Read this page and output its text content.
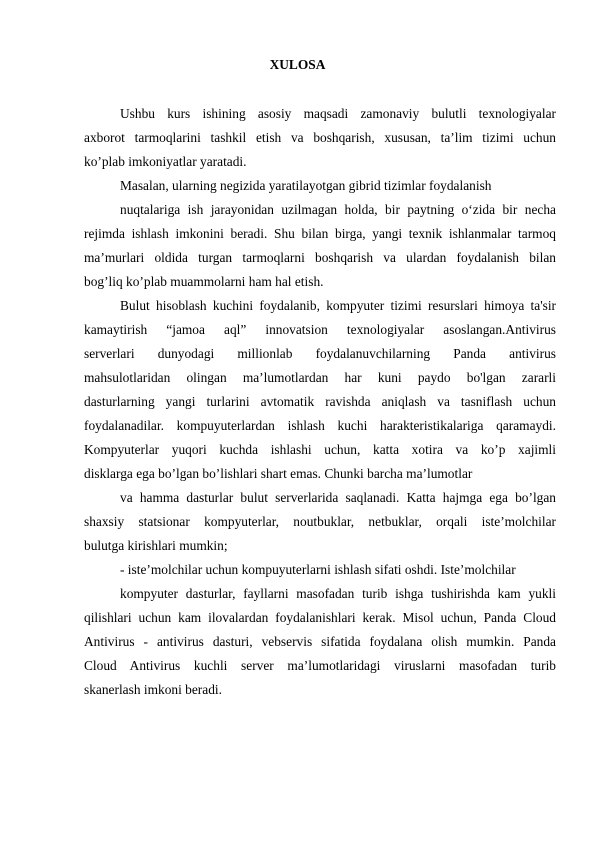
XULOSA
Ushbu kurs ishining asosiy maqsadi zamonaviy bulutli texnologiyalar
axborot tarmoqlarini tashkil etish va boshqarish, xususan, ta’lim tizimi uchun
ko’plab imkoniyatlar yaratadi.
Masalan, ularning negizida yaratilayotgan gibrid tizimlar foydalanish
nuqtalariga ish jarayonidan uzilmagan holda, bir paytning o‘zida bir necha
rejimda ishlash imkonini beradi. Shu bilan birga, yangi texnik ishlanmalar tarmoq
ma’murlari oldida turgan tarmoqlarni boshqarish va ulardan foydalanish bilan
bog’liq ko’plab muammolarni ham hal etish.
Bulut hisoblash kuchini foydalanib, kompyuter tizimi resurslari himoya ta'sir
kamaytirish “jamoa aql” innovatsion texnologiyalar asoslangan.Antivirus
serverlari dunyodagi millionlab foydalanuvchilarning Panda antivirus
mahsulotlaridan olingan ma’lumotlardan har kuni paydo bo'lgan zararli
dasturlarning yangi turlarini avtomatik ravishda aniqlash va tasniflash uchun
foydalanadilar. kompuyuterlardan ishlash kuchi harakteristikalariga qaramaydi.
Kompyuterlar yuqori kuchda ishlashi uchun, katta xotira va ko’p xajimli
disklarga ega bo’lgan bo’lishlari shart emas. Chunki barcha ma’lumotlar
va hamma dasturlar bulut serverlarida saqlanadi. Katta hajmga ega bo’lgan
shaxsiy statsionar kompyuterlar, noutbuklar, netbuklar, orqali iste’molchilar
bulutga kirishlari mumkin;
- iste’molchilar uchun kompuyuterlarni ishlash sifati oshdi. Iste’molchilar
kompyuter dasturlar, fayllarni masofadan turib ishga tushirishda kam yukli
qilishlari uchun kam ilovalardan foydalanishlari kerak. Misol uchun, Panda Cloud
Antivirus - antivirus dasturi, vebservis sifatida foydalana olish mumkin. Panda
Cloud Antivirus kuchli server ma’lumotlaridagi viruslarni masofadan turib
skanerlash imkoni beradi.
